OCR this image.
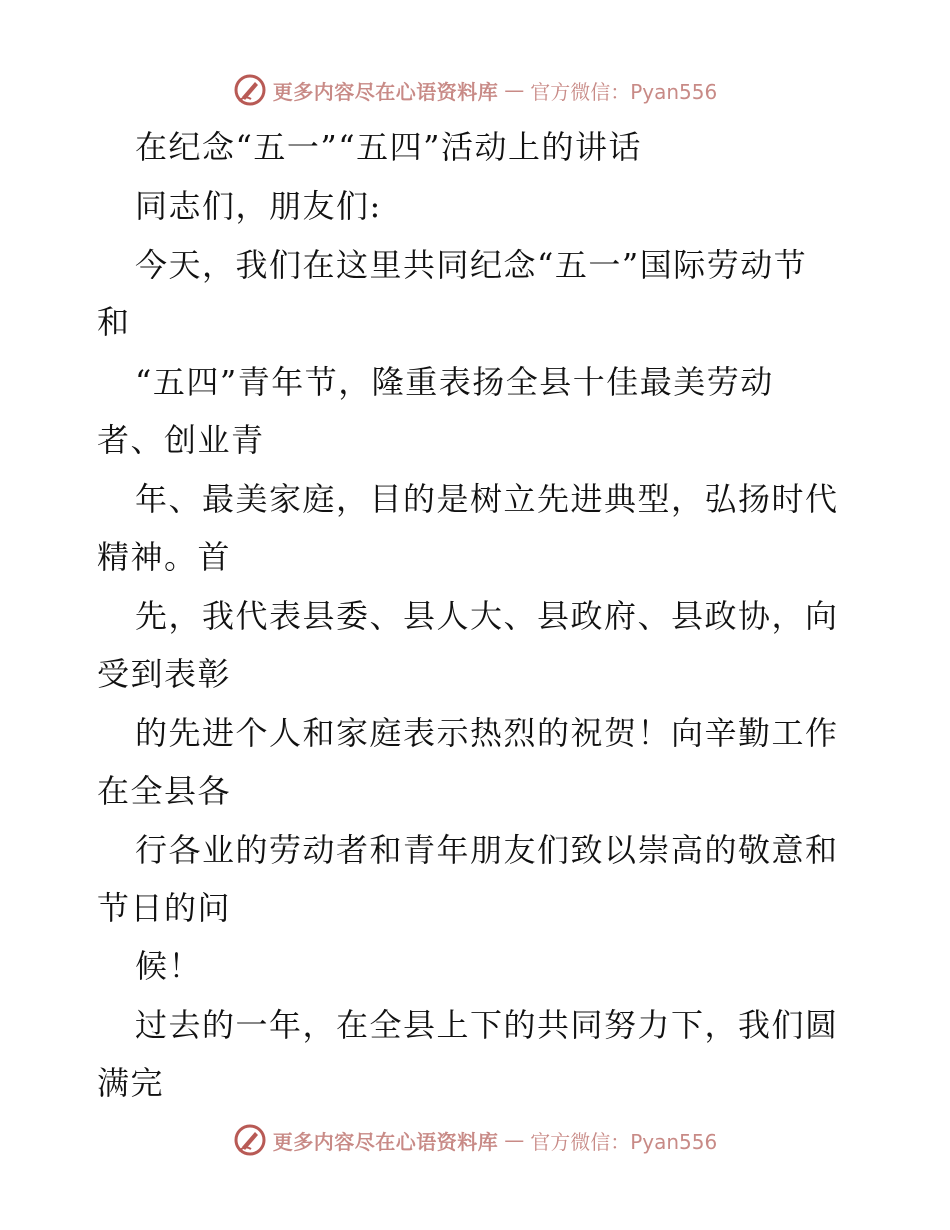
更多内容尽在心语资料库 — 官方微信：Pyan556
在纪念“五一”“五四”活动上的讲话
同志们，朋友们:
今天，我们在这里共同纪念“五一”国际劳动节
和
“五四”青年节，隆重表扬全县十佳最美劳动
者、创业青
年、最美家庭，目的是树立先进典型，弘扬时代
精神。首
先，我代表县委、县人大、县政府、县政协，向
受到表彰
的先进个人和家庭表示热烈的祝贺！向辛勤工作
在全县各
行各业的劳动者和青年朋友们致以崇高的敬意和
节日的问
候！
过去的一年，在全县上下的共同努力下，我们圆
满完
更多内容尽在心语资料库 — 官方微信：Pyan556
